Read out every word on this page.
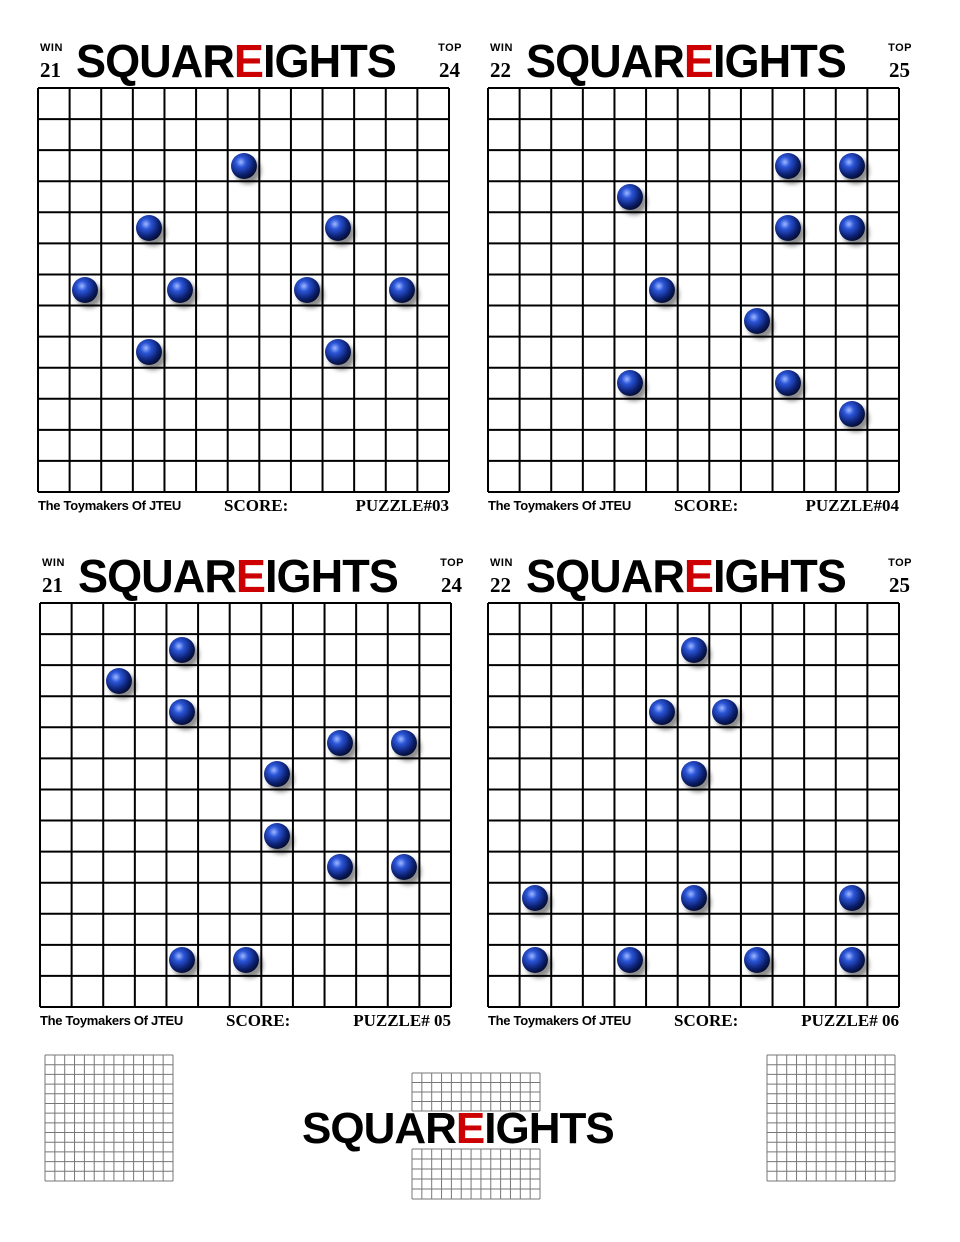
WIN
21 SQUAREIGHTS	TOP
24
The Toymakers Of JTEU	SCORE:	PUZZLE#03
WIN
22 SQUAREIGHTS	TOP
25
The Toymakers Of JTEU	SCORE:	PUZZLE#04
WIN
21 SQUAREIGHTS	TOP
24
The Toymakers Of JTEU	SCORE:	PUZZLE# 05
WIN
22 SQUAREIGHTS	TOP
25
The Toymakers Of JTEU	SCORE:	PUZZLE# 06
SQUAREIGHTS
